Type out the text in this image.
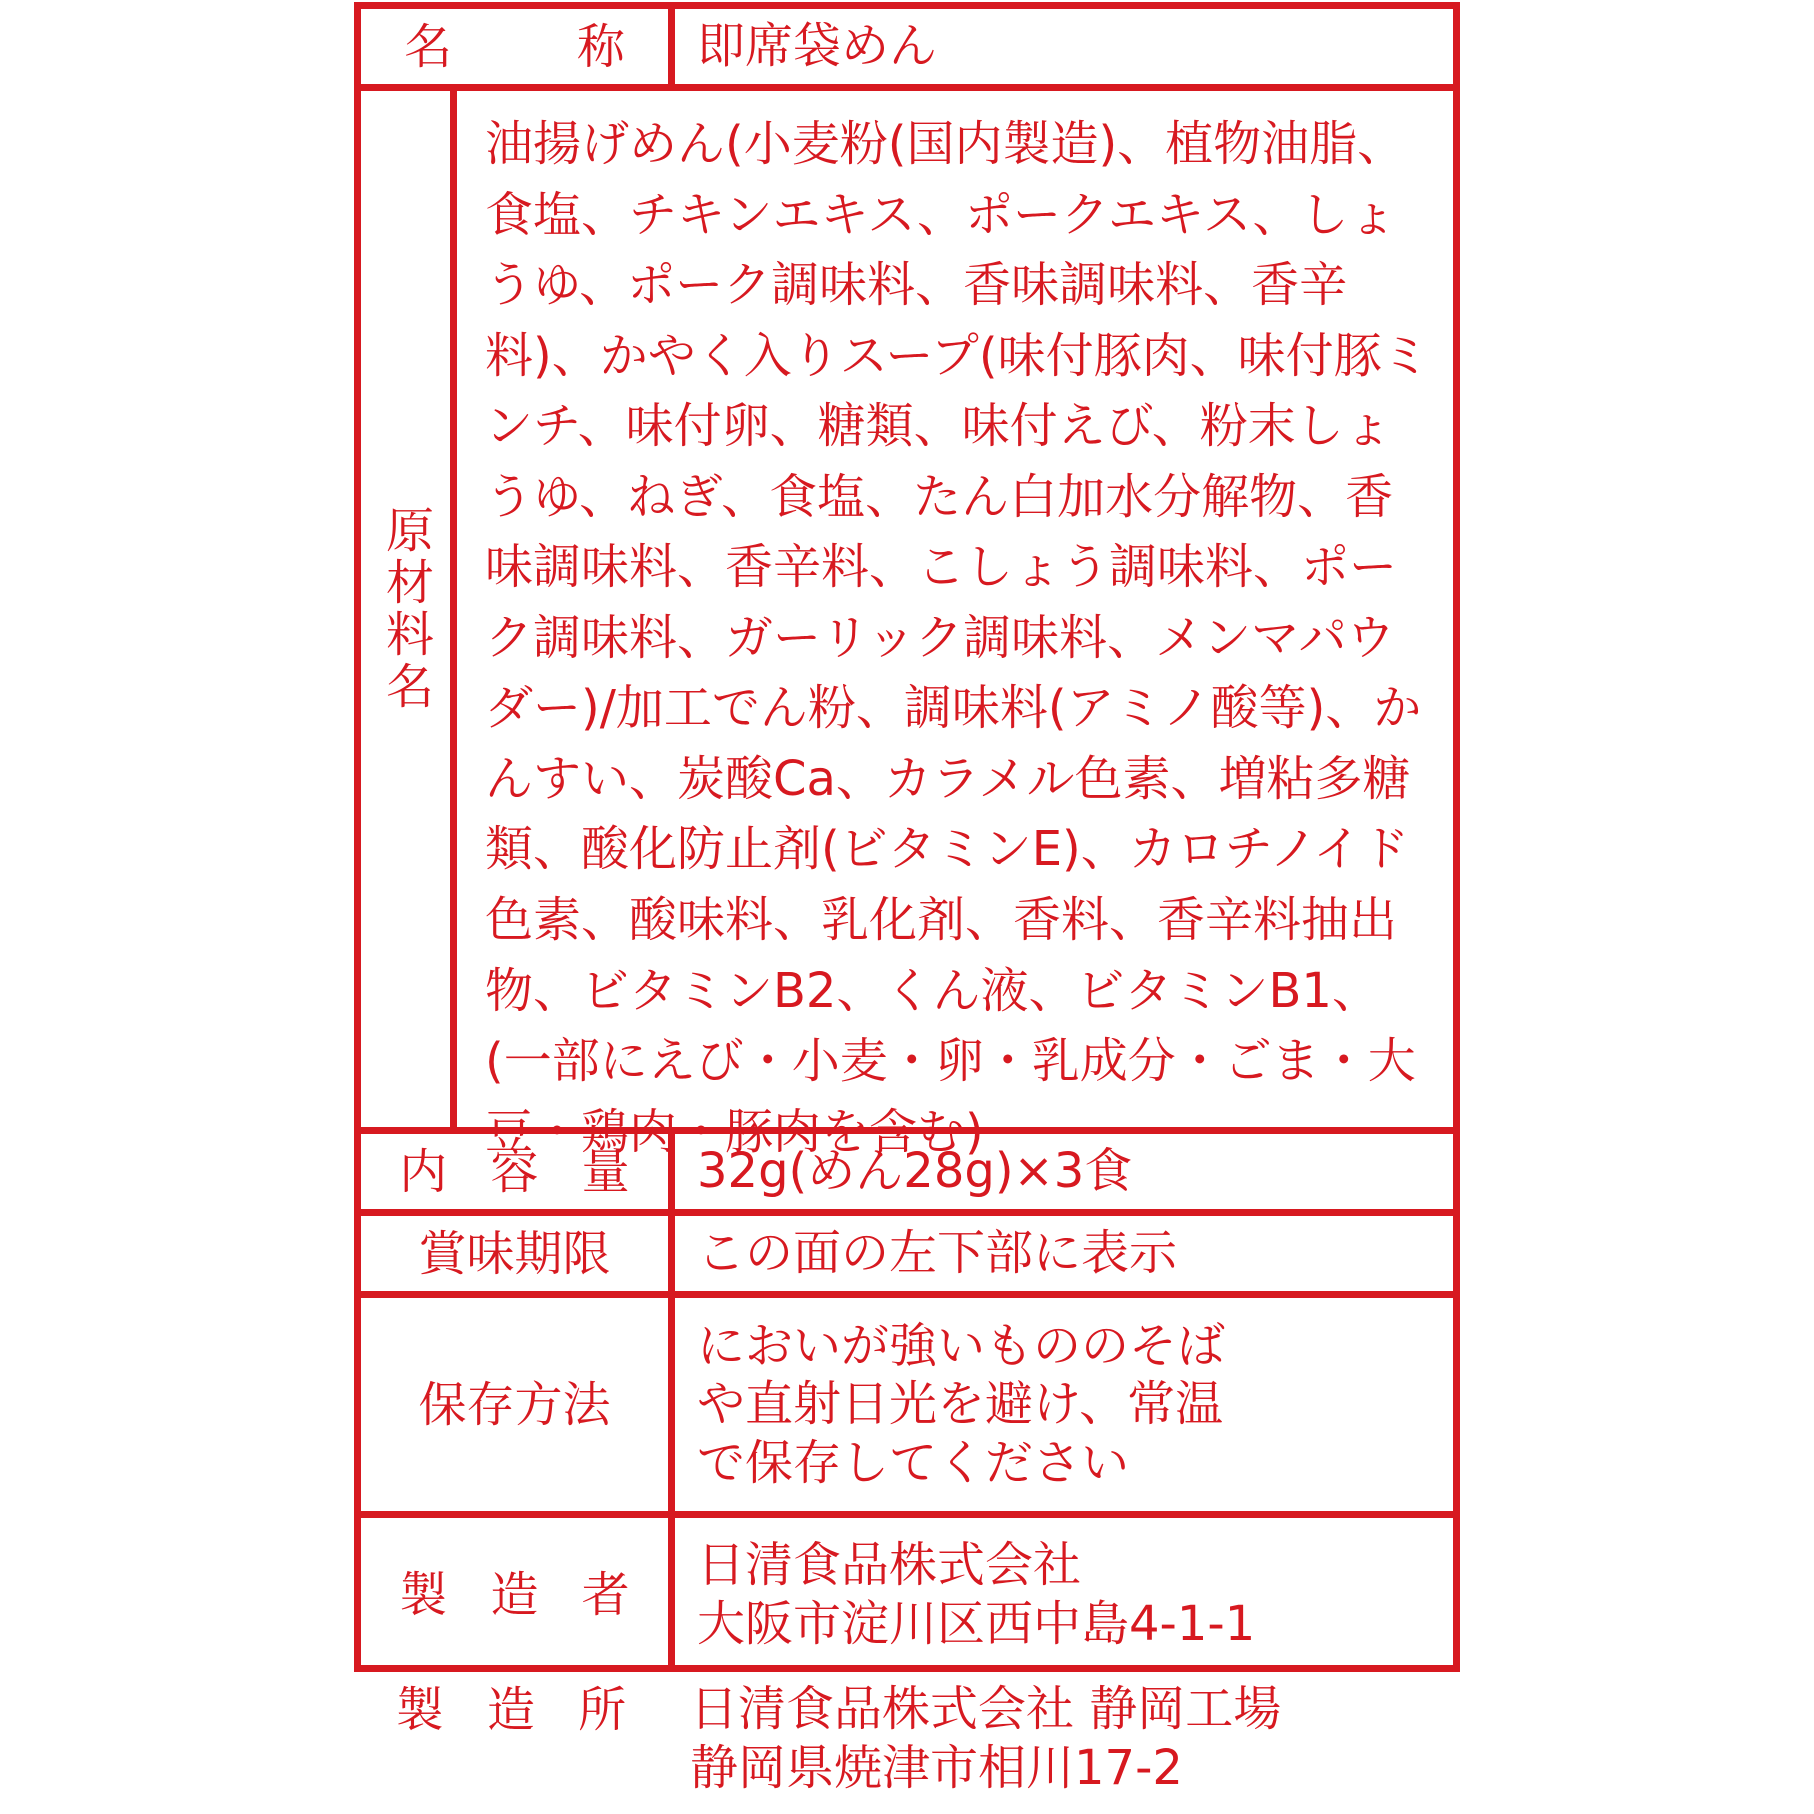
名称
即席袋めん
原材料名
油揚げめん(小麦粉(国内製造)、植物油脂、食塩、チキンエキス、ポークエキス、しょうゆ、ポーク調味料、香味調味料、香辛料)、かやく入りスープ(味付豚肉、味付豚ミンチ、味付卵、糖類、味付えび、粉末しょうゆ、ねぎ、食塩、たん白加水分解物、香味調味料、香辛料、こしょう調味料、ポーク調味料、ガーリック調味料、メンマパウダー)/加工でん粉、調味料(アミノ酸等)、かんすい、炭酸Ca、カラメル色素、増粘多糖類、酸化防止剤(ビタミンE)、カロチノイド色素、酸味料、乳化剤、香料、香辛料抽出物、ビタミンB2、くん液、ビタミンB1、(一部にえび・小麦・卵・乳成分・ごま・大豆・鶏肉・豚肉を含む)
内容量 32g(めん28g)×3食
賞味期限	この面の左下部に表示
保存方法
においが強いもののそばや直射日光を避け、常温で保存してください
製造者
日清食品株式会社
大阪市淀川区西中島4-1-1
製造所 日清食品株式会社 静岡工場
静岡県焼津市相川17-2
